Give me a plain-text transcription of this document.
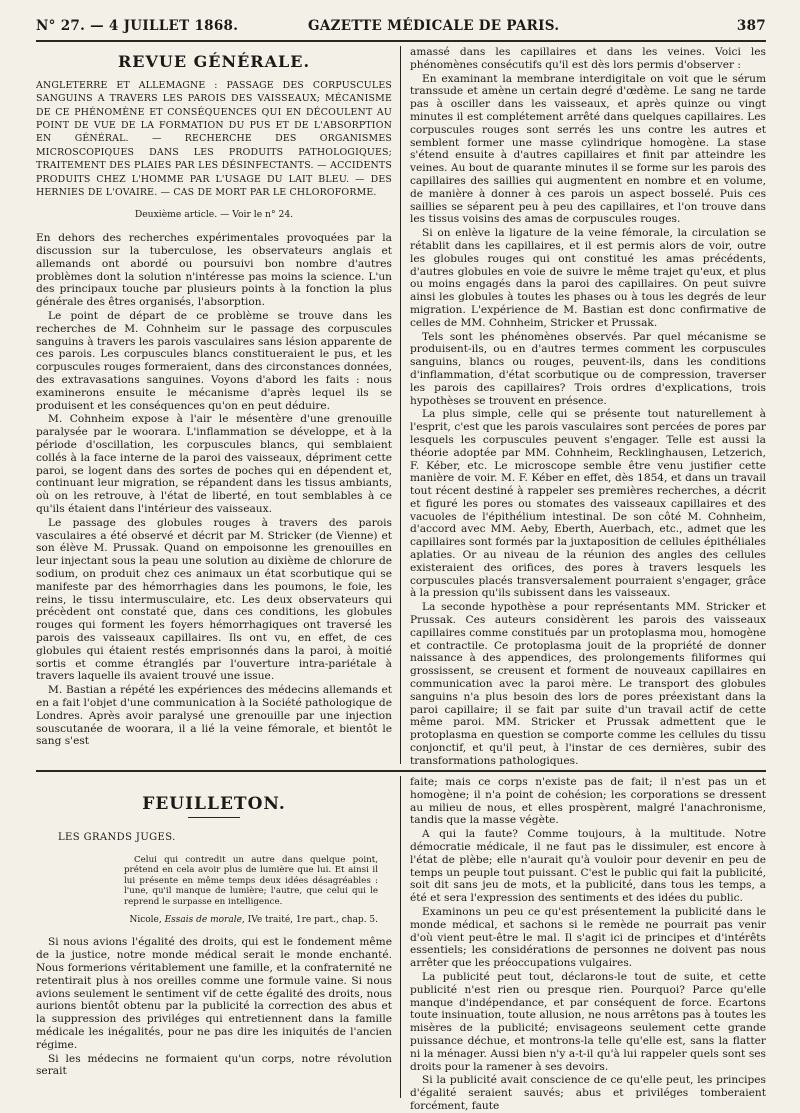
N° 27. — 4 JUILLET 1868.	GAZETTE MÉDICALE DE PARIS.	387
REVUE GÉNÉRALE.
ANGLETERRE ET ALLEMAGNE : PASSAGE DES CORPUSCULES SANGUINS A TRAVERS LES PAROIS DES VAISSEAUX; MÉCANISME DE CE PHÉNOMÈNE ET CONSÉQUENCES QUI EN DÉCOULENT AU POINT DE VUE DE LA FORMATION DU PUS ET DE L'ABSORPTION EN GÉNÉRAL. — RECHERCHE DES ORGANISMES MICROSCOPIQUES DANS LES PRODUITS PATHOLOGIQUES; TRAITEMENT DES PLAIES PAR LES DÉSINFECTANTS. — ACCIDENTS PRODUITS CHEZ L'HOMME PAR L'USAGE DU LAIT BLEU. — DES HERNIES DE L'OVAIRE. — CAS DE MORT PAR LE CHLOROFORME.
Deuxième article. — Voir le n° 24.

En dehors des recherches expérimentales provoquées par la discussion sur la tuberculose, les observateurs anglais et allemands ont abordé ou poursuivi bon nombre d'autres problèmes dont la solution n'intéresse pas moins la science. L'un des principaux touche par plusieurs points à la fonction la plus générale des êtres organisés, l'absorption.

Le point de départ de ce problème se trouve dans les recherches de M. Cohnheim sur le passage des corpuscules sanguins à travers les parois vasculaires sans lésion apparente de ces parois. Les corpuscules blancs constitueraient le pus, et les corpuscules rouges formeraient, dans des circonstances données, des extravasations sanguines. Voyons d'abord les faits : nous examinerons ensuite le mécanisme d'après lequel ils se produisent et les conséquences qu'on en peut déduire.

M. Cohnheim expose à l'air le mésentère d'une grenouille paralysée par le woorara. L'inflammation se développe, et à la période d'oscillation, les corpuscules blancs, qui semblaient collés à la face interne de la paroi des vaisseaux, dépriment cette paroi, se logent dans des sortes de poches qui en dépendent et, continuant leur migration, se répandent dans les tissus ambiants, où on les retrouve, à l'état de liberté, en tout semblables à ce qu'ils étaient dans l'intérieur des vaisseaux.

Le passage des globules rouges à travers des parois vasculaires a été observé et décrit par M. Stricker (de Vienne) et son élève M. Prussak. Quand on empoisonne les grenouilles en leur injectant sous la peau une solution au dixième de chlorure de sodium, on produit chez ces animaux un état scorbutique qui se manifeste par des hémorrhagies dans les poumons, le foie, les reins, le tissu intermusculaire, etc. Les deux observateurs qui précèdent ont constaté que, dans ces conditions, les globules rouges qui forment les foyers hémorrhagiques ont traversé les parois des vaisseaux capillaires. Ils ont vu, en effet, de ces globules qui étaient restés emprisonnés dans la paroi, à moitié sortis et comme étranglés par l'ouverture intra-pariétale à travers laquelle ils avaient trouvé une issue.

M. Bastian a répété les expériences des médecins allemands et en a fait l'objet d'une communication à la Société pathologique de Londres. Après avoir paralysé une grenouille par une injection souscutanée de woorara, il a lié la veine fémorale, et bientôt le sang s'est

amassé dans les capillaires et dans les veines. Voici les phénomènes consécutifs qu'il est dès lors permis d'observer :

En examinant la membrane interdigitale on voit que le sérum transsude et amène un certain degré d'œdème. Le sang ne tarde pas à osciller dans les vaisseaux, et après quinze ou vingt minutes il est complétement arrêté dans quelques capillaires. Les corpuscules rouges sont serrés les uns contre les autres et semblent former une masse cylindrique homogène. La stase s'étend ensuite à d'autres capillaires et finit par atteindre les veines. Au bout de quarante minutes il se forme sur les parois des capillaires des saillies qui augmentent en nombre et en volume, de manière à donner à ces parois un aspect bosselé. Puis ces saillies se séparent peu à peu des capillaires, et l'on trouve dans les tissus voisins des amas de corpuscules rouges.

Si on enlève la ligature de la veine fémorale, la circulation se rétablit dans les capillaires, et il est permis alors de voir, outre les globules rouges qui ont constitué les amas précédents, d'autres globules en voie de suivre le même trajet qu'eux, et plus ou moins engagés dans la paroi des capillaires. On peut suivre ainsi les globules à toutes les phases ou à tous les degrés de leur migration. L'expérience de M. Bastian est donc confirmative de celles de MM. Cohnheim, Stricker et Prussak.

Tels sont les phénomènes observés. Par quel mécanisme se produisent-ils, ou en d'autres termes comment les corpuscules sanguins, blancs ou rouges, peuvent-ils, dans les conditions d'inflammation, d'état scorbutique ou de compression, traverser les parois des capillaires? Trois ordres d'explications, trois hypothèses se trouvent en présence.

La plus simple, celle qui se présente tout naturellement à l'esprit, c'est que les parois vasculaires sont percées de pores par lesquels les corpuscules peuvent s'engager. Telle est aussi la théorie adoptée par MM. Cohnheim, Recklinghausen, Letzerich, F. Kéber, etc. Le microscope semble être venu justifier cette manière de voir. M. F. Kéber en effet, dès 1854, et dans un travail tout récent destiné à rappeler ses premières recherches, a décrit et figuré les pores ou stomates des vaisseaux capillaires et des vacuoles de l'épithélium intestinal. De son côté M. Cohnheim, d'accord avec MM. Aeby, Eberth, Auerbach, etc., admet que les capillaires sont formés par la juxtaposition de cellules épithéliales aplaties. Or au niveau de la réunion des angles des cellules existeraient des orifices, des pores à travers lesquels les corpuscules placés transversalement pourraient s'engager, grâce à la pression qu'ils subissent dans les vaisseaux.

La seconde hypothèse a pour représentants MM. Stricker et Prussak. Ces auteurs considèrent les parois des vaisseaux capillaires comme constitués par un protoplasma mou, homogène et contractile. Ce protoplasma jouit de la propriété de donner naissance à des appendices, des prolongements filiformes qui grossissent, se creusent et forment de nouveaux capillaires en communication avec la paroi mère. Le transport des globules sanguins n'a plus besoin des lors de pores préexistant dans la paroi capillaire; il se fait par suite d'un travail actif de cette même paroi. MM. Stricker et Prussak admettent que le protoplasma en question se comporte comme les cellules du tissu conjonctif, et qu'il peut, à l'instar de ces dernières, subir des transformations pathologiques.

FEUILLETON.
LES GRANDS JUGES.

Celui qui contredit un autre dans quelque point, prétend en cela avoir plus de lumière que lui. Et ainsi il lui présente en même temps deux idées désagréables : l'une, qu'il manque de lumière; l'autre, que celui qui le reprend le surpasse en intelligence.

Nicole, Essais de morale, IVe traité, 1re part., chap. 5.

Si nous avions l'égalité des droits, qui est le fondement même de la justice, notre monde médical serait le monde enchanté. Nous formerions véritablement une famille, et la confraternité ne retentirait plus à nos oreilles comme une formule vaine. Si nous avions seulement le sentiment vif de cette égalité des droits, nous aurions bientôt obtenu par la publicité la correction des abus et la suppression des priviléges qui entretiennent dans la famille médicale les inégalités, pour ne pas dire les iniquités de l'ancien régime.

Si les médecins ne formaient qu'un corps, notre révolution serait

faite; mais ce corps n'existe pas de fait; il n'est pas un et homogène; il n'a point de cohésion; les corporations se dressent au milieu de nous, et elles prospèrent, malgré l'anachronisme, tandis que la masse végète.

A qui la faute? Comme toujours, à la multitude. Notre démocratie médicale, il ne faut pas le dissimuler, est encore à l'état de plèbe; elle n'aurait qu'à vouloir pour devenir en peu de temps un peuple tout puissant. C'est le public qui fait la publicité, soit dit sans jeu de mots, et la publicité, dans tous les temps, a été et sera l'expression des sentiments et des idées du public.

Examinons un peu ce qu'est présentement la publicité dans le monde médical, et sachons si le remède ne pourrait pas venir d'où vient peut-être le mal. Il s'agit ici de principes et d'intérêts essentiels; les considérations de personnes ne doivent pas nous arrêter que les préoccupations vulgaires.

La publicité peut tout, déclarons-le tout de suite, et cette publicité n'est rien ou presque rien. Pourquoi? Parce qu'elle manque d'indépendance, et par conséquent de force. Ecartons toute insinuation, toute allusion, ne nous arrêtons pas à toutes les misères de la publicité; envisageons seulement cette grande puissance déchue, et montrons-la telle qu'elle est, sans la flatter ni la ménager. Aussi bien n'y a-t-il qu'à lui rappeler quels sont ses droits pour la ramener à ses devoirs.

Si la publicité avait conscience de ce qu'elle peut, les principes d'égalité seraient sauvés; abus et priviléges tomberaient forcément, faute
